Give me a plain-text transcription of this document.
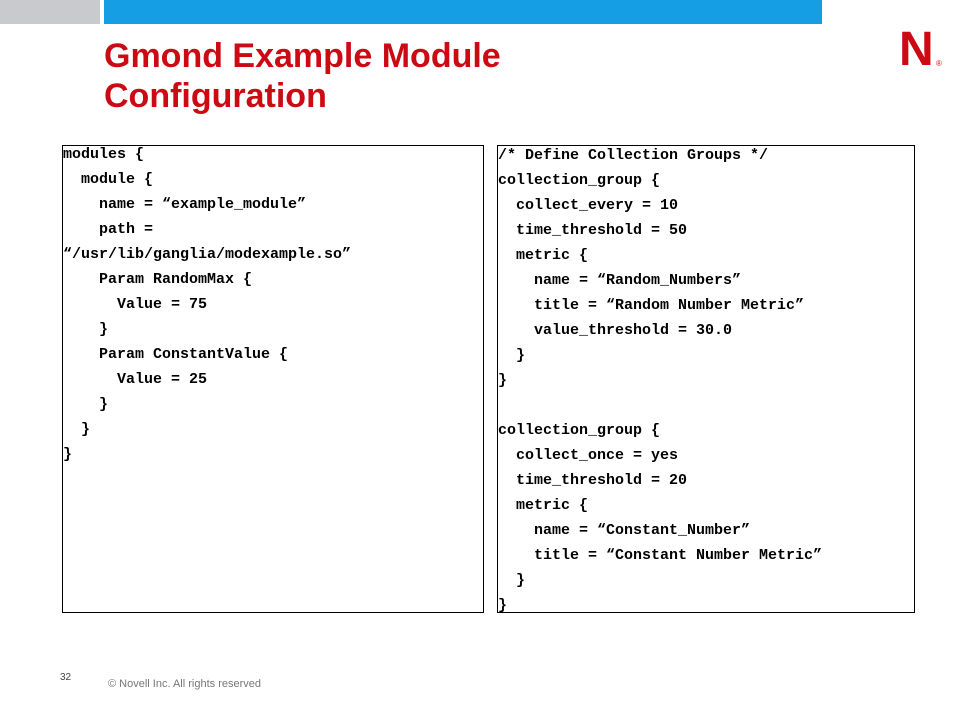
Gmond Example Module
Configuration
N ®
modules {
module {
name = “example_module”
path =
“/usr/lib/ganglia/modexample.so”
Param RandomMax {
Value = 75
}
Param ConstantValue {
Value = 25
}
}
}
/* Define Collection Groups */
collection_group {
collect_every = 10
time_threshold = 50
metric {
name = “Random_Numbers”
title = “Random Number Metric”
value_threshold = 30.0
}
}
collection_group {
collect_once = yes
time_threshold = 20
metric {
name = “Constant_Number”
title = “Constant Number Metric”
}
}
32
© Novell Inc. All rights reserved
